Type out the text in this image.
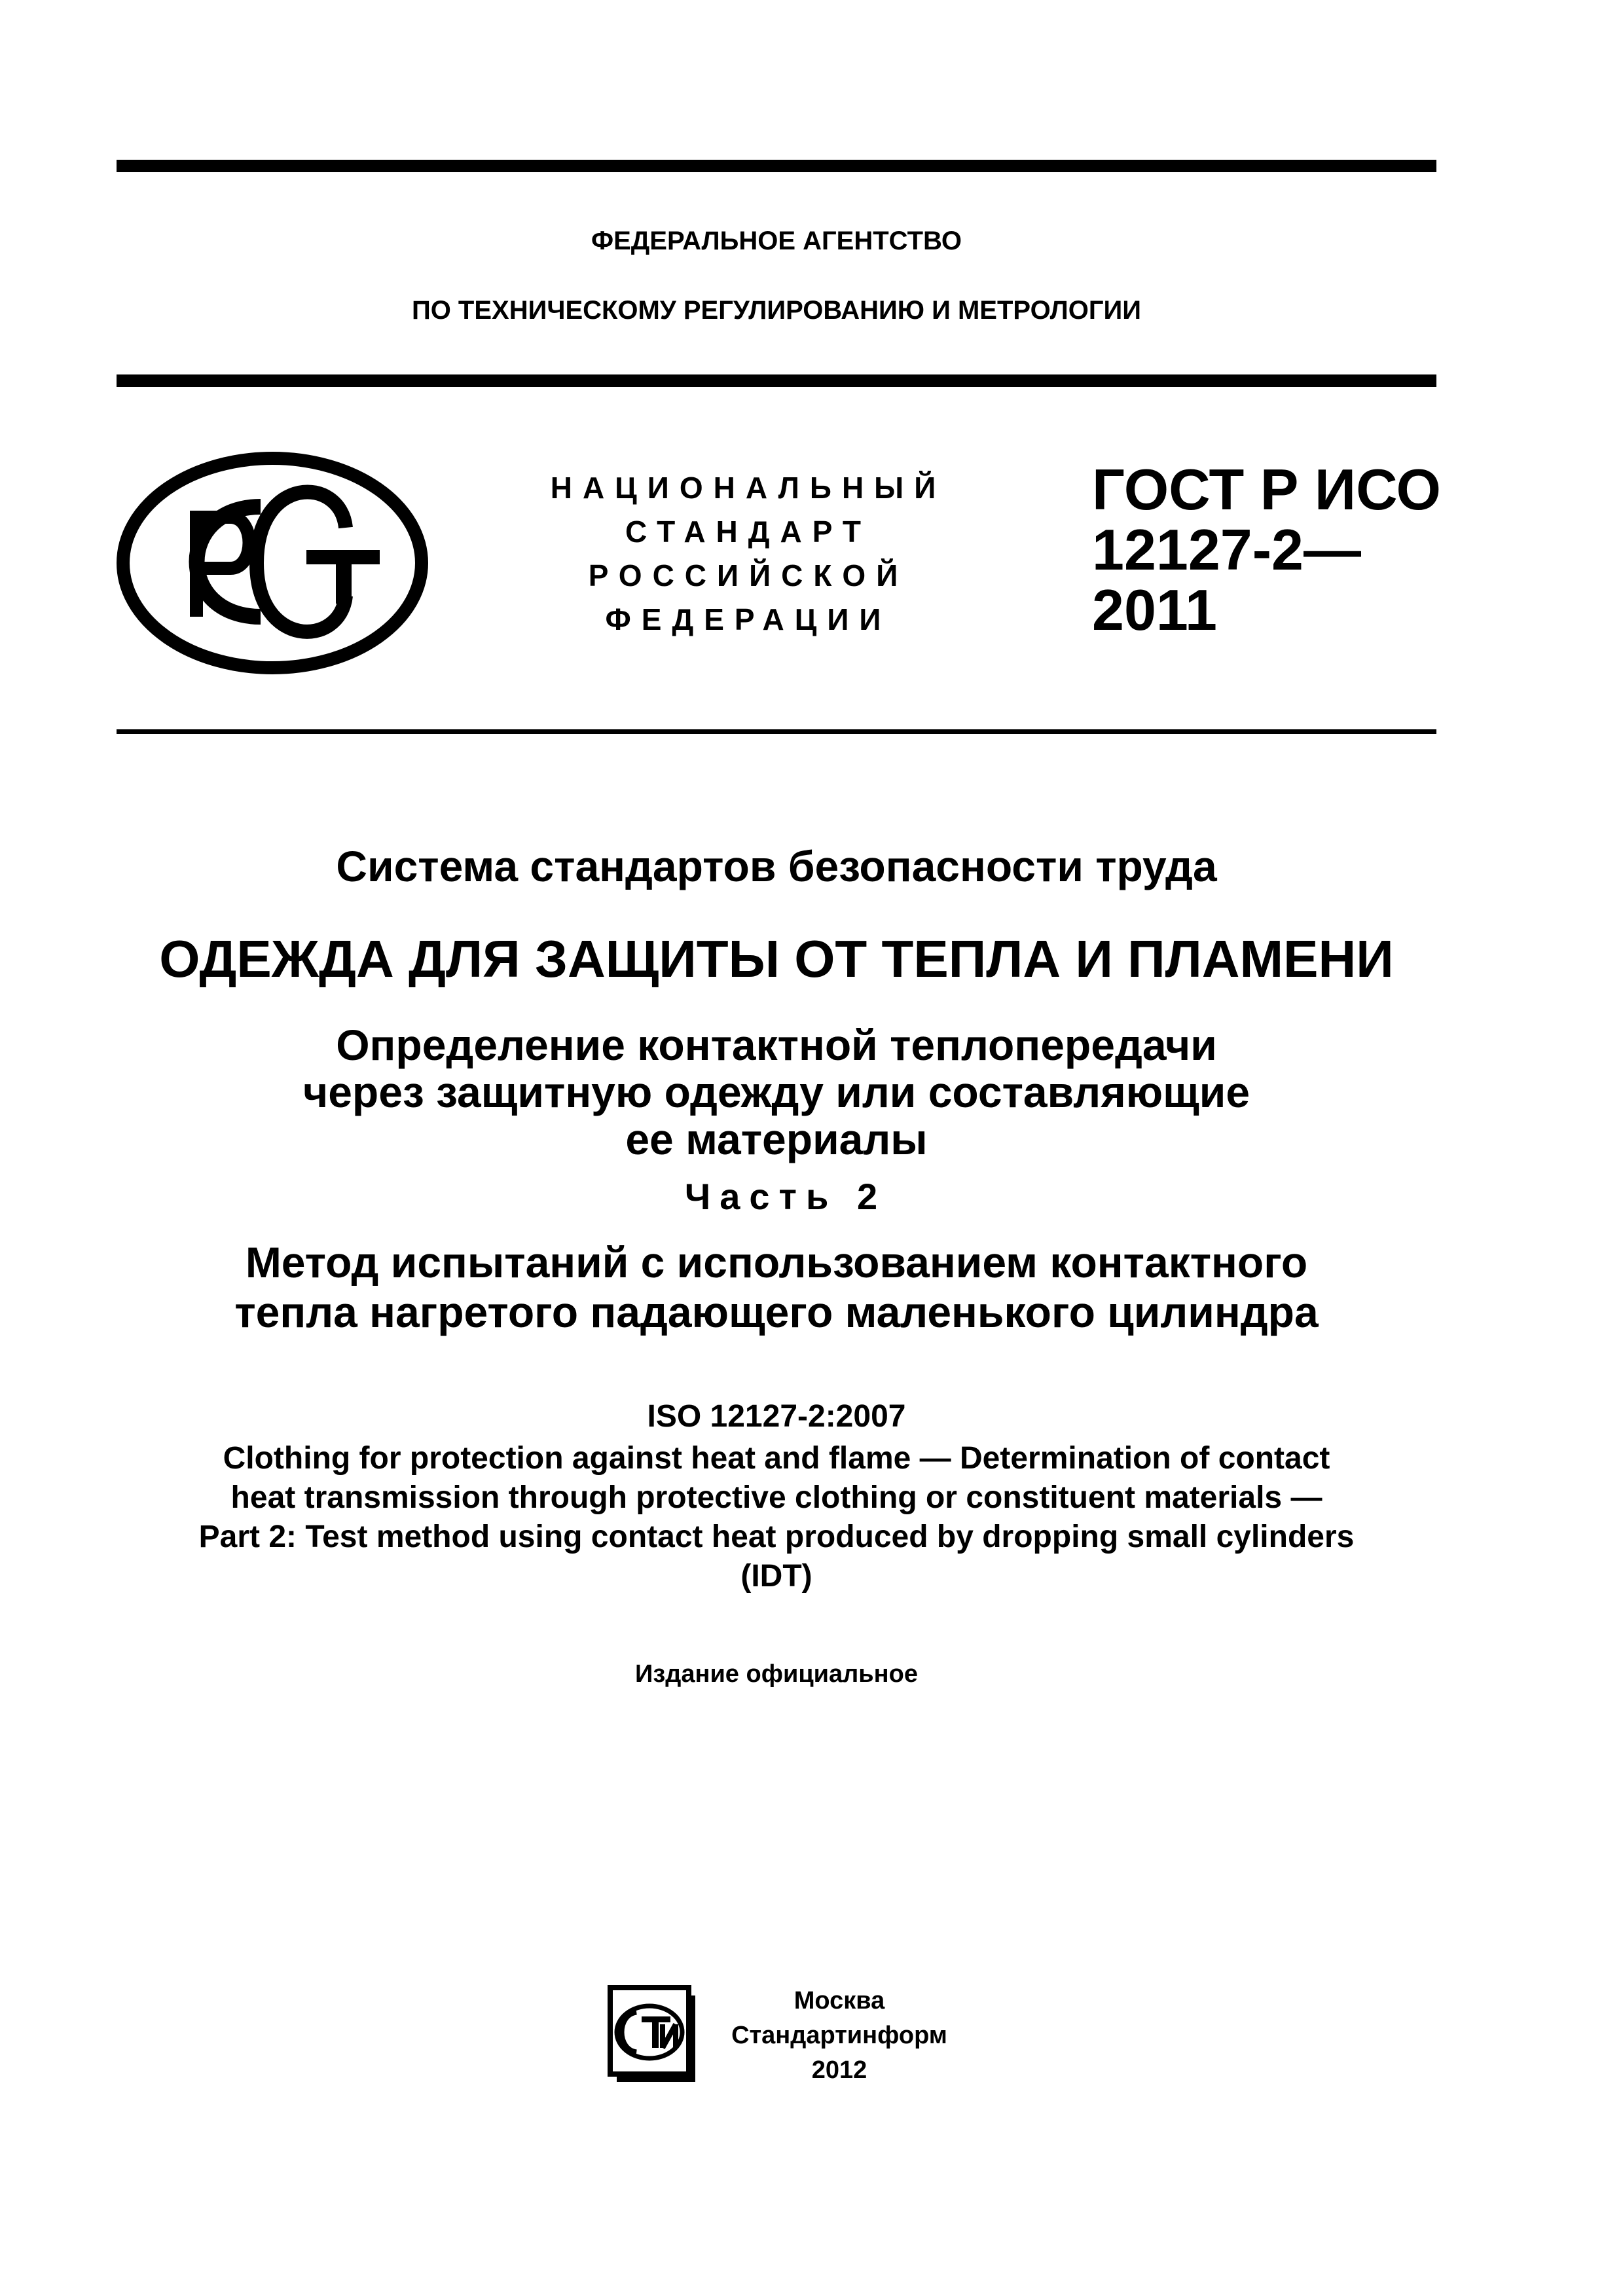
ФЕДЕРАЛЬНОЕ АГЕНТСТВО
ПО ТЕХНИЧЕСКОМУ РЕГУЛИРОВАНИЮ И МЕТРОЛОГИИ
НАЦИОНАЛЬНЫЙ
СТАНДАРТ
РОССИЙСКОЙ
ФЕДЕРАЦИИ
ГОСТ Р ИСО
12127-2—
2011
Система стандартов безопасности труда
ОДЕЖДА ДЛЯ ЗАЩИТЫ ОТ ТЕПЛА И ПЛАМЕНИ
Определение контактной теплопередачи
через защитную одежду или составляющие
ее материалы
Часть 2
Метод испытаний с использованием контактного
тепла нагретого падающего маленького цилиндра
ISO 12127-2:2007
Clothing for protection against heat and flame — Determination of contact
heat transmission through protective clothing or constituent materials —
Part 2: Test method using contact heat produced by dropping small cylinders
(IDT)
Издание официальное
Москва
Стандартинформ
2012
